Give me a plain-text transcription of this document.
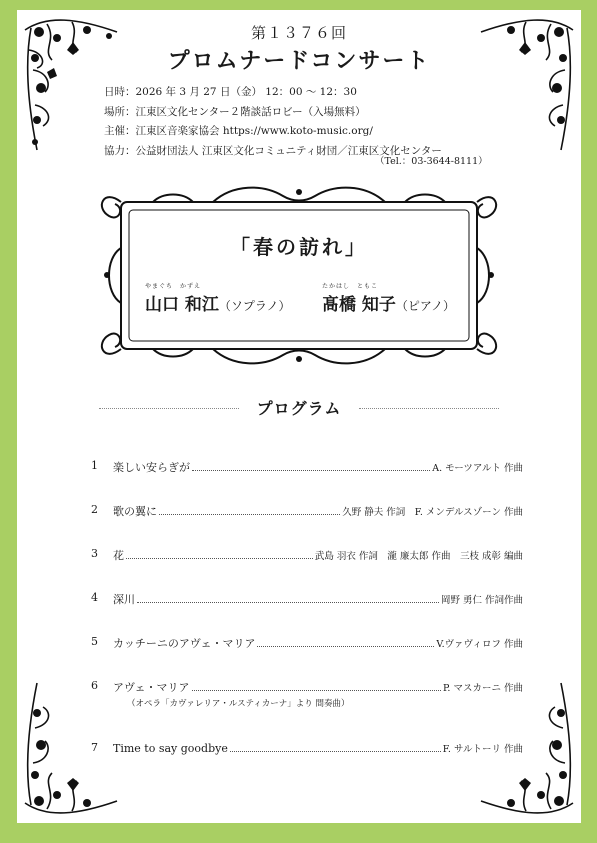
第１３７６回
プロムナードコンサート
日時：2026 年 3 月 27 日（金） 12：00 〜 12：30
場所：江東区文化センター２階談話ロビー（入場無料）
主催：江東区音楽家協会 https://www.koto-music.org/
協力：公益財団法人 江東区文化コミュニティ財団／江東区文化センター
（Tel.：03-3644-8111）
「春の訪れ」
やまぐち　かずえ
山口 和江（ソプラノ）
たかはし　ともこ
髙橋 知子（ピアノ）
プログラム
1	楽しい安らぎが	A. モーツアルト 作曲
2	歌の翼に	久野 静夫 作詞　F. メンデルスゾーン 作曲
3	花	武島 羽衣 作詞　瀧 廉太郎 作曲　三枝 成彰 編曲
4	深川	岡野 勇仁 作詞作曲
5	カッチーニのアヴェ・マリア	V.ヴァヴィロフ 作曲
6	アヴェ・マリア	P. マスカーニ 作曲
（オペラ「カヴァレリア・ルスティカーナ」より 間奏曲）
7	Time to say goodbye	F. サルトーリ 作曲
